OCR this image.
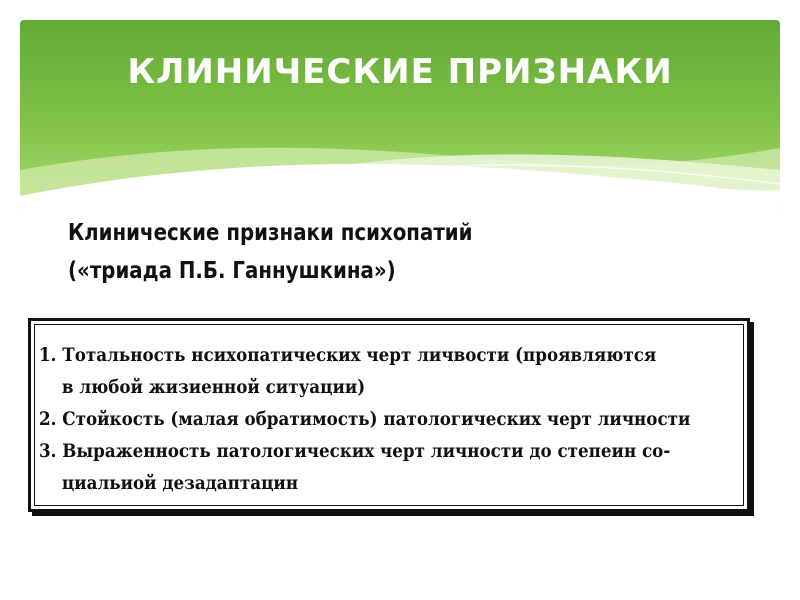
КЛИНИЧЕСКИЕ ПРИЗНАКИ
Клинические признаки психопатий
(«триада П.Б. Ганнушкина»)
1. Тотальность нсихопатических черт личвости (проявляются
в любой жизиенной ситуации)
2. Стойкость (малая обратимость) патологических черт личности
3. Выраженность патологических черт личности до степеин со-
циальиой дезадаптацин
